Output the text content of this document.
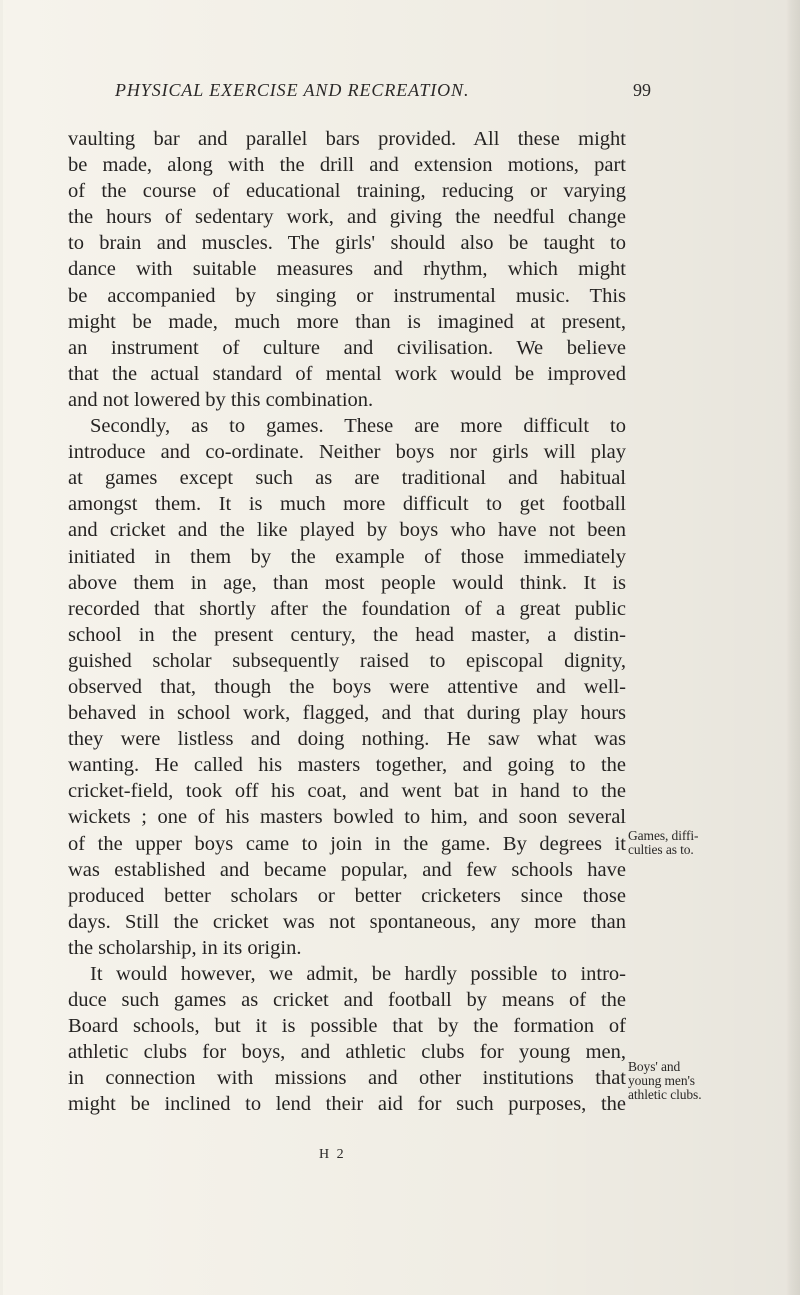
PHYSICAL EXERCISE AND RECREATION.	99
vaulting bar and parallel bars provided. All these might
be made, along with the drill and extension motions, part
of the course of educational training, reducing or varying
the hours of sedentary work, and giving the needful change
to brain and muscles. The girls' should also be taught to
dance with suitable measures and rhythm, which might
be accompanied by singing or instrumental music. This
might be made, much more than is imagined at present,
an instrument of culture and civilisation. We believe
that the actual standard of mental work would be improved
and not lowered by this combination.
Secondly, as to games. These are more difficult to
introduce and co-ordinate. Neither boys nor girls will play
at games except such as are traditional and habitual
amongst them. It is much more difficult to get football
and cricket and the like played by boys who have not been
initiated in them by the example of those immediately
above them in age, than most people would think. It is
recorded that shortly after the foundation of a great public
school in the present century, the head master, a distin-
guished scholar subsequently raised to episcopal dignity,
observed that, though the boys were attentive and well-
behaved in school work, flagged, and that during play hours
they were listless and doing nothing. He saw what was
wanting. He called his masters together, and going to the
cricket-field, took off his coat, and went bat in hand to the
wickets ; one of his masters bowled to him, and soon several
of the upper boys came to join in the game. By degrees it
was established and became popular, and few schools have
produced better scholars or better cricketers since those
days. Still the cricket was not spontaneous, any more than
the scholarship, in its origin.
It would however, we admit, be hardly possible to intro-
duce such games as cricket and football by means of the
Board schools, but it is possible that by the formation of
athletic clubs for boys, and athletic clubs for young men,
in connection with missions and other institutions that
might be inclined to lend their aid for such purposes, the
Games, diffi-
culties as to.
Boys' and
young men's
athletic clubs.
H 2
